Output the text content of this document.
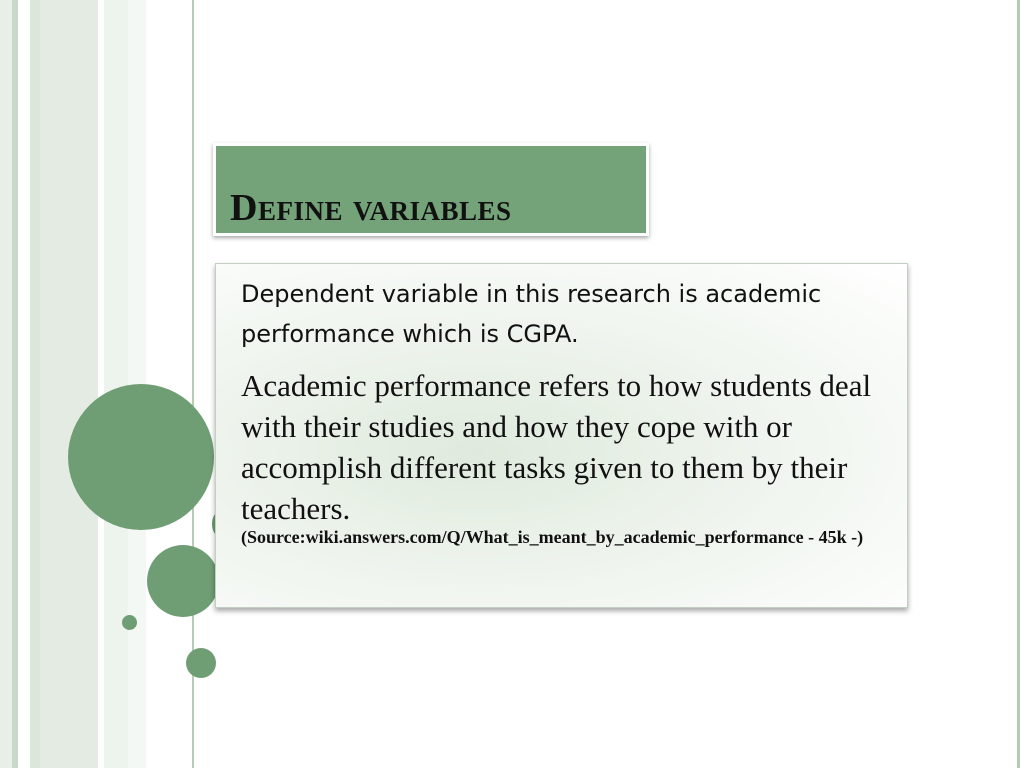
Define variables
Dependent variable in this research is academic performance which is CGPA.
Academic performance refers to how students deal with their studies and how they cope with or accomplish different tasks given to them by their teachers.
(Source:wiki.answers.com/Q/What_is_meant_by_academic_performance - 45k -)
